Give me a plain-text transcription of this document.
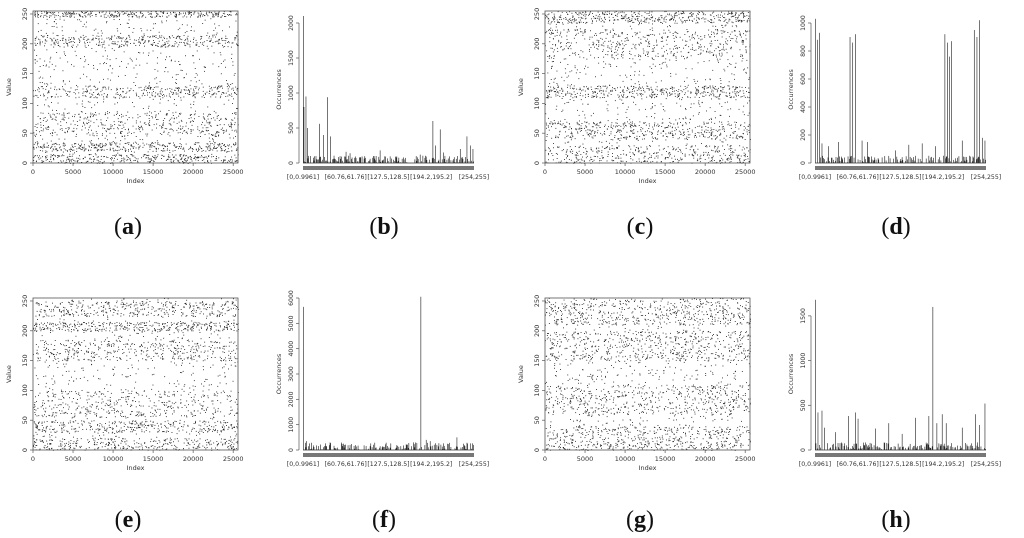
0	5000	10000	15000	20000	25000
0
50
100
150
200
250
Index
Value
(a)
[0,0.9961] [60.76,61.76] [127.5,128.5] [194.2,195.2] [254,255]
0
500
1000
1500
2000
Occurrences
(b)
0	5000	10000	15000	20000	25000
0
50
100
150
200
250
Index
Value
(c)
[0,0.9961] [60.76,61.76] [127.5,128.5] [194.2,195.2] [254,255]
0
200
400
600
800
1000
Occurrences
(d)
0	5000	10000	15000	20000	25000
0
50
100
150
200
250
Index
Value
(e)
[0,0.9961] [60.76,61.76] [127.5,128.5] [194.2,195.2] [254,255]
0
1000
2000
3000
4000
5000
6000
Occurrences
(f)
0	5000	10000	15000	20000	25000
0
50
100
150
200
250
Index
Value
(g)
[0,0.9961] [60.76,61.76] [127.5,128.5] [194.2,195.2] [254,255]
0
500
1000
1500
Occurrences
(h)
